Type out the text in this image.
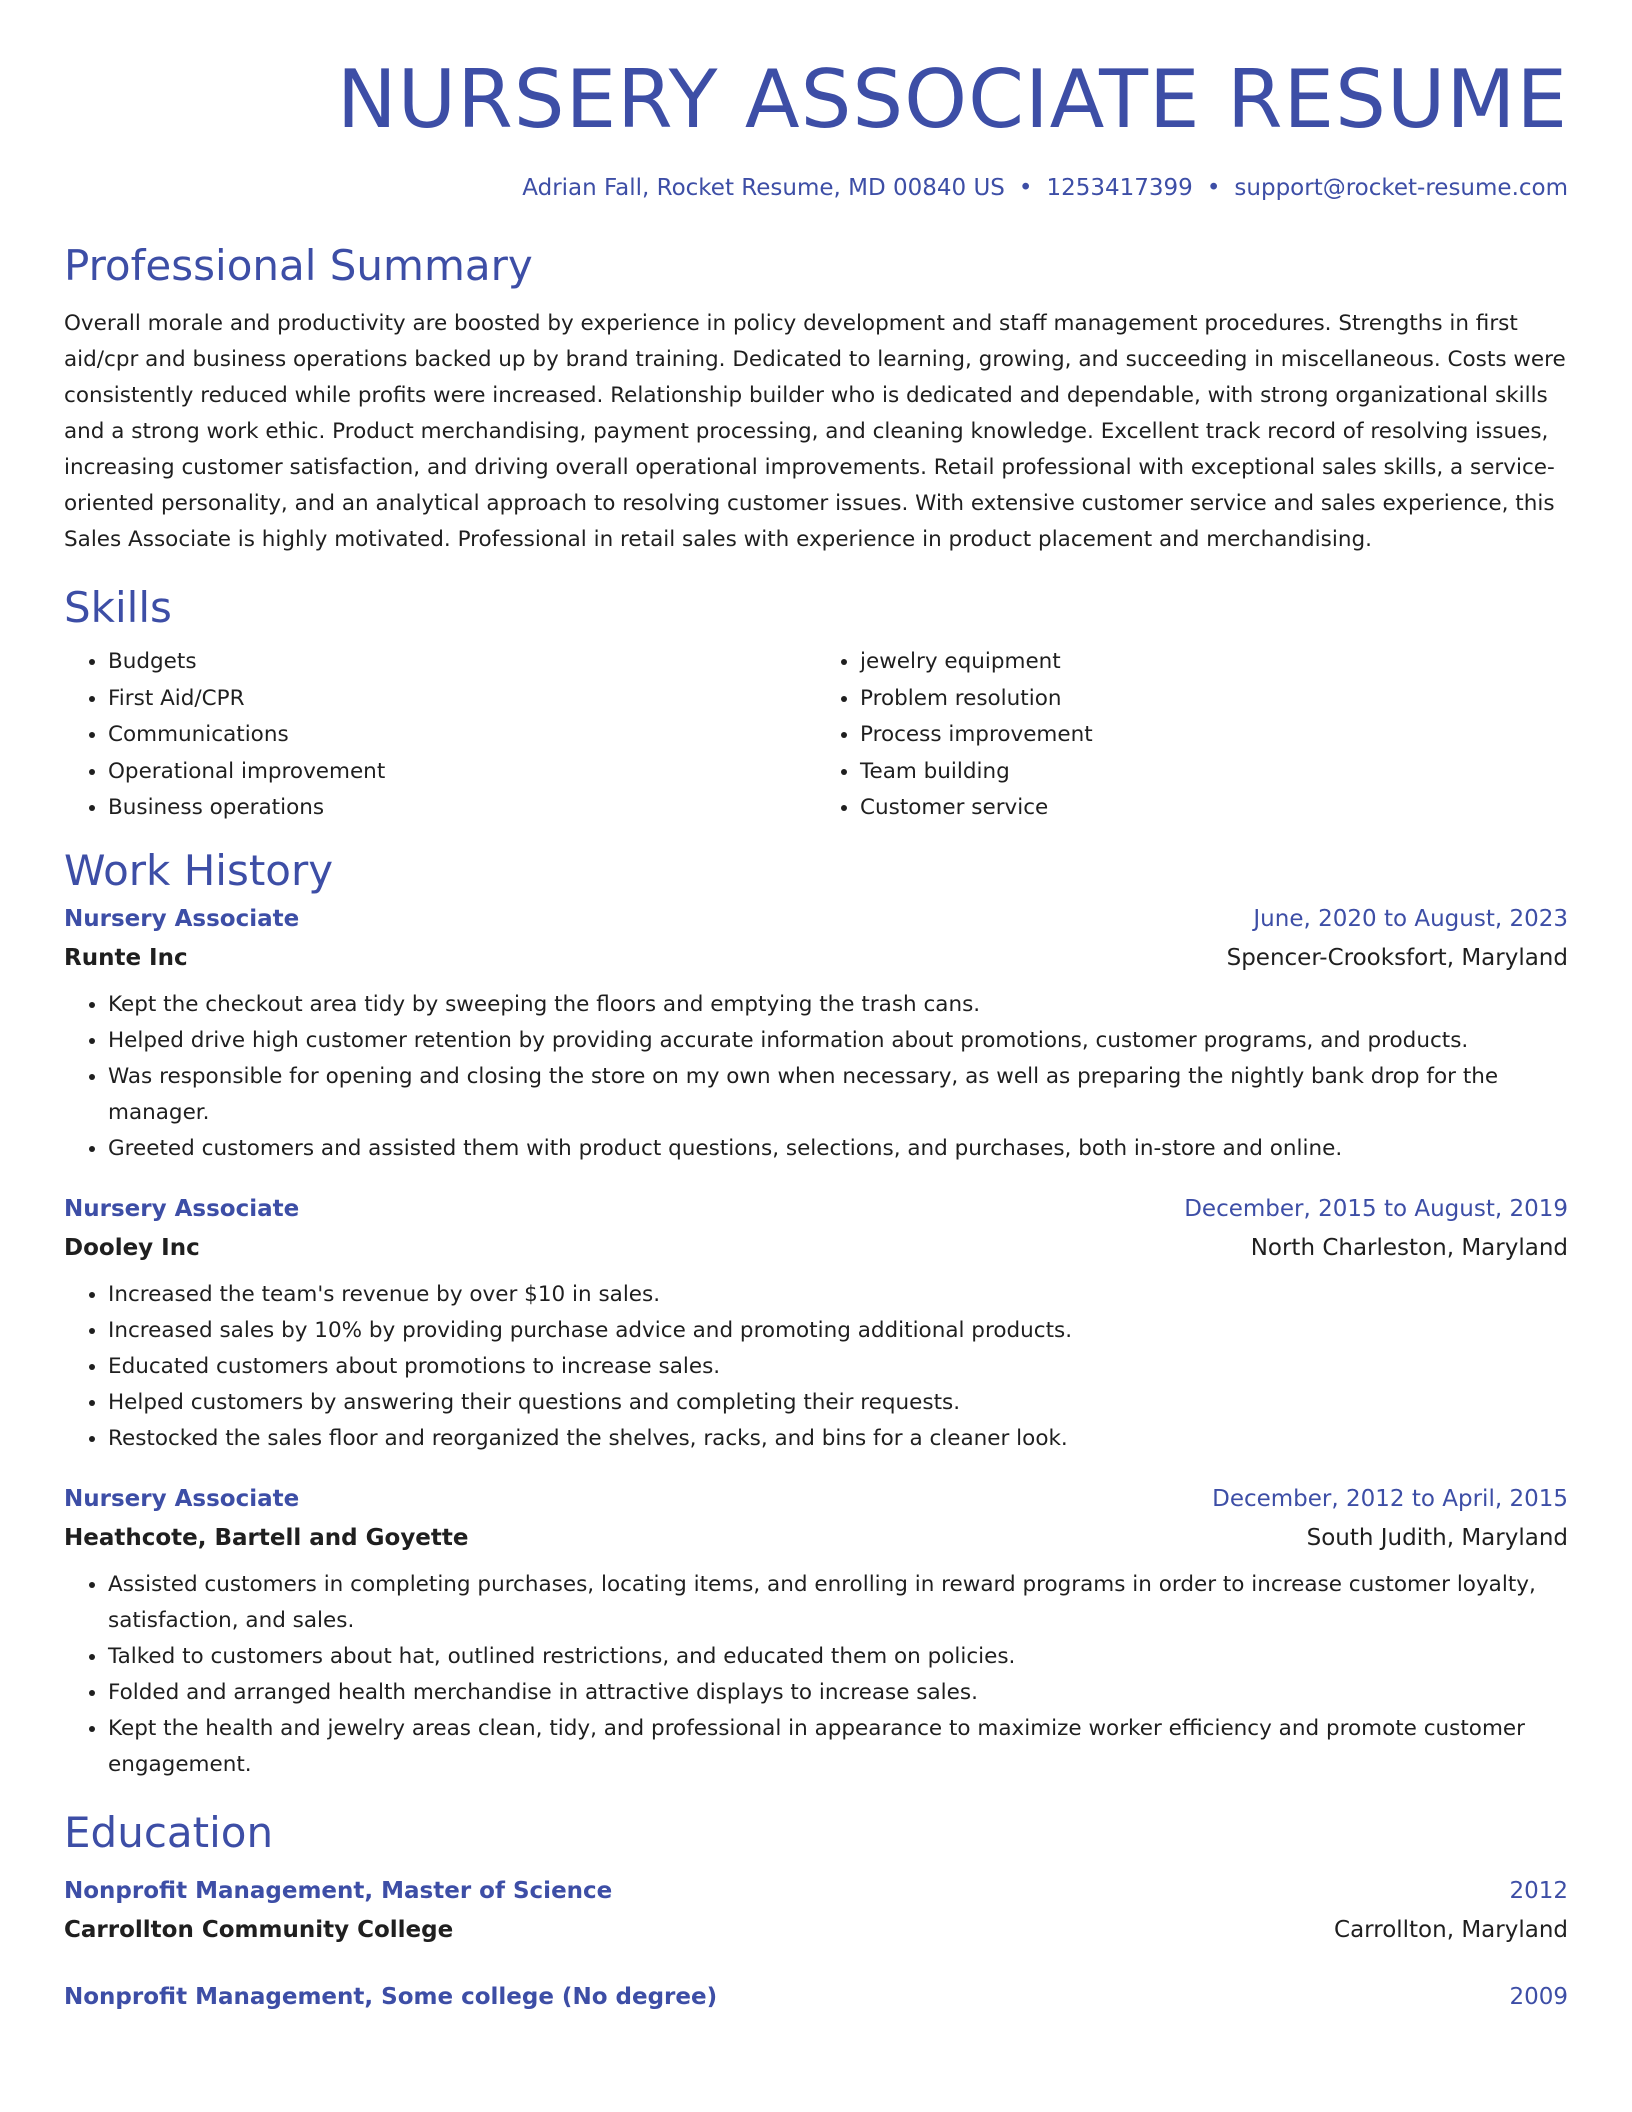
NURSERY ASSOCIATE RESUME
Adrian Fall, Rocket Resume, MD 00840 US • 1253417399 • support@rocket-resume.com
Professional Summary
Overall morale and productivity are boosted by experience in policy development and staff management procedures. Strengths in first aid/cpr and business operations backed up by brand training. Dedicated to learning, growing, and succeeding in miscellaneous. Costs were consistently reduced while profits were increased. Relationship builder who is dedicated and dependable, with strong organizational skills and a strong work ethic. Product merchandising, payment processing, and cleaning knowledge. Excellent track record of resolving issues, increasing customer satisfaction, and driving overall operational improvements. Retail professional with exceptional sales skills, a service-oriented personality, and an analytical approach to resolving customer issues. With extensive customer service and sales experience, this Sales Associate is highly motivated. Professional in retail sales with experience in product placement and merchandising.
Skills
• Budgets
• First Aid/CPR
• Communications
• Operational improvement
• Business operations
• jewelry equipment
• Problem resolution
• Process improvement
• Team building
• Customer service
Work History
Nursery Associate	June, 2020 to August, 2023
Runte Inc	Spencer-Crooksfort, Maryland
• Kept the checkout area tidy by sweeping the floors and emptying the trash cans.
• Helped drive high customer retention by providing accurate information about promotions, customer programs, and products.
• Was responsible for opening and closing the store on my own when necessary, as well as preparing the nightly bank drop for the manager.
• Greeted customers and assisted them with product questions, selections, and purchases, both in-store and online.
Nursery Associate	December, 2015 to August, 2019
Dooley Inc	North Charleston, Maryland
• Increased the team's revenue by over $10 in sales.
• Increased sales by 10% by providing purchase advice and promoting additional products.
• Educated customers about promotions to increase sales.
• Helped customers by answering their questions and completing their requests.
• Restocked the sales floor and reorganized the shelves, racks, and bins for a cleaner look.
Nursery Associate	December, 2012 to April, 2015
Heathcote, Bartell and Goyette	South Judith, Maryland
• Assisted customers in completing purchases, locating items, and enrolling in reward programs in order to increase customer loyalty, satisfaction, and sales.
• Talked to customers about hat, outlined restrictions, and educated them on policies.
• Folded and arranged health merchandise in attractive displays to increase sales.
• Kept the health and jewelry areas clean, tidy, and professional in appearance to maximize worker efficiency and promote customer engagement.
Education
Nonprofit Management, Master of Science	2012
Carrollton Community College	Carrollton, Maryland
Nonprofit Management, Some college (No degree)	2009
